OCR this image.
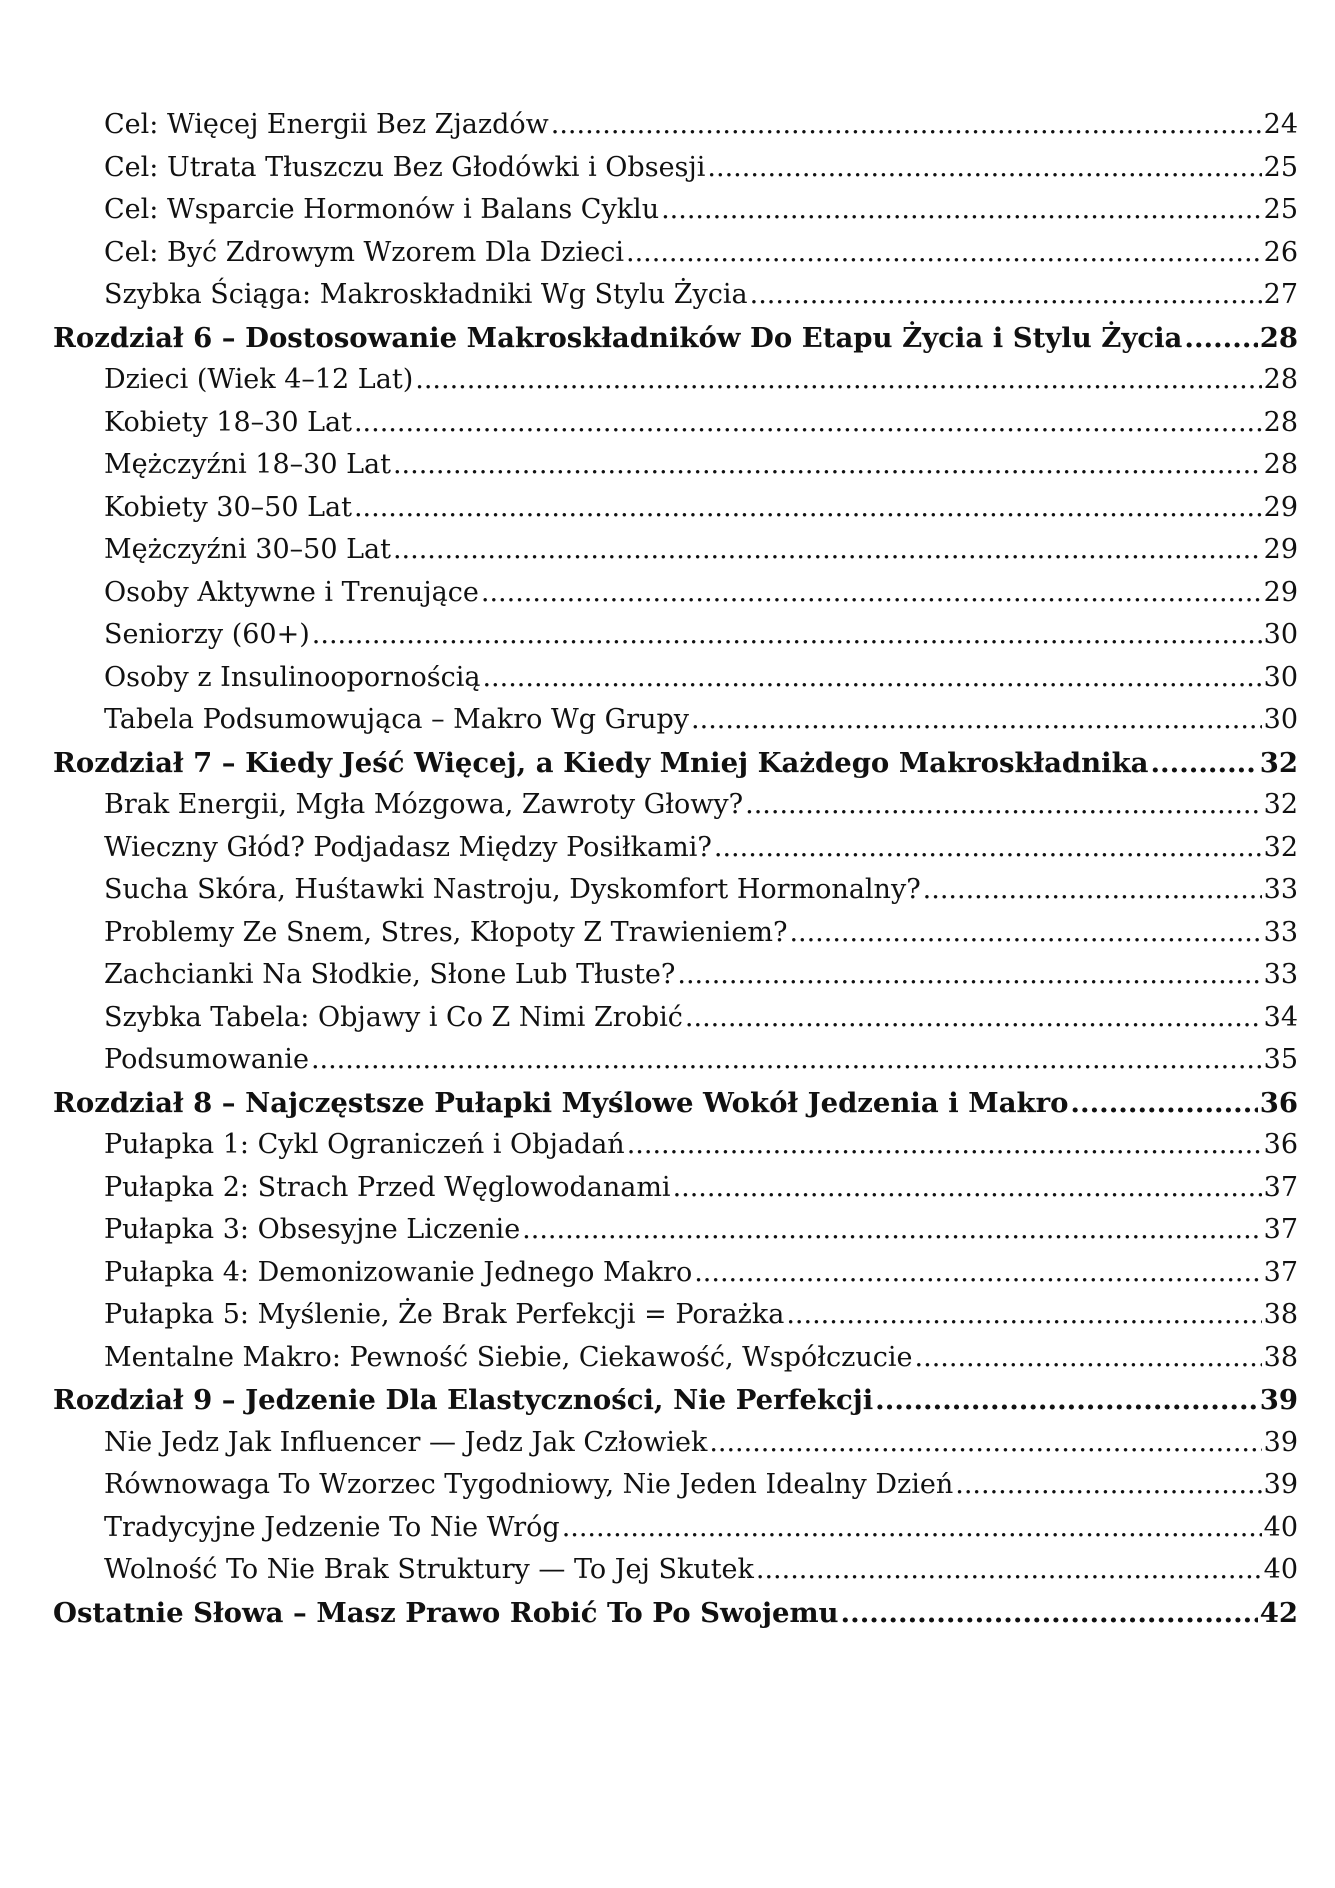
Cel: Więcej Energii Bez Zjazdów .....	24
Cel: Utrata Tłuszczu Bez Głodówki i Obsesji .....	25
Cel: Wsparcie Hormonów i Balans Cyklu .....	25
Cel: Być Zdrowym Wzorem Dla Dzieci .....	26
Szybka Ściąga: Makroskładniki Wg Stylu Życia .....	27
Rozdział 6 – Dostosowanie Makroskładników Do Etapu Życia i Stylu Życia .....	28
Dzieci (Wiek 4–12 Lat) .....	28
Kobiety 18–30 Lat .....	28
Mężczyźni 18–30 Lat .....	28
Kobiety 30–50 Lat .....	29
Mężczyźni 30–50 Lat .....	29
Osoby Aktywne i Trenujące .....	29
Seniorzy (60+) .....	30
Osoby z Insulinoopornością .....	30
Tabela Podsumowująca – Makro Wg Grupy .....	30
Rozdział 7 – Kiedy Jeść Więcej, a Kiedy Mniej Każdego Makroskładnika .....	32
Brak Energii, Mgła Mózgowa, Zawroty Głowy? .....	32
Wieczny Głód? Podjadasz Między Posiłkami? .....	32
Sucha Skóra, Huśtawki Nastroju, Dyskomfort Hormonalny? .....	33
Problemy Ze Snem, Stres, Kłopoty Z Trawieniem? .....	33
Zachcianki Na Słodkie, Słone Lub Tłuste? .....	33
Szybka Tabela: Objawy i Co Z Nimi Zrobić .....	34
Podsumowanie .....	35
Rozdział 8 – Najczęstsze Pułapki Myślowe Wokół Jedzenia i Makro .....	36
Pułapka 1: Cykl Ograniczeń i Objadań .....	36
Pułapka 2: Strach Przed Węglowodanami .....	37
Pułapka 3: Obsesyjne Liczenie .....	37
Pułapka 4: Demonizowanie Jednego Makro .....	37
Pułapka 5: Myślenie, Że Brak Perfekcji = Porażka .....	38
Mentalne Makro: Pewność Siebie, Ciekawość, Współczucie .....	38
Rozdział 9 – Jedzenie Dla Elastyczności, Nie Perfekcji .....	39
Nie Jedz Jak Influencer — Jedz Jak Człowiek .....	39
Równowaga To Wzorzec Tygodniowy, Nie Jeden Idealny Dzień .....	39
Tradycyjne Jedzenie To Nie Wróg .....	40
Wolność To Nie Brak Struktury — To Jej Skutek .....	40
Ostatnie Słowa – Masz Prawo Robić To Po Swojemu .....	42
